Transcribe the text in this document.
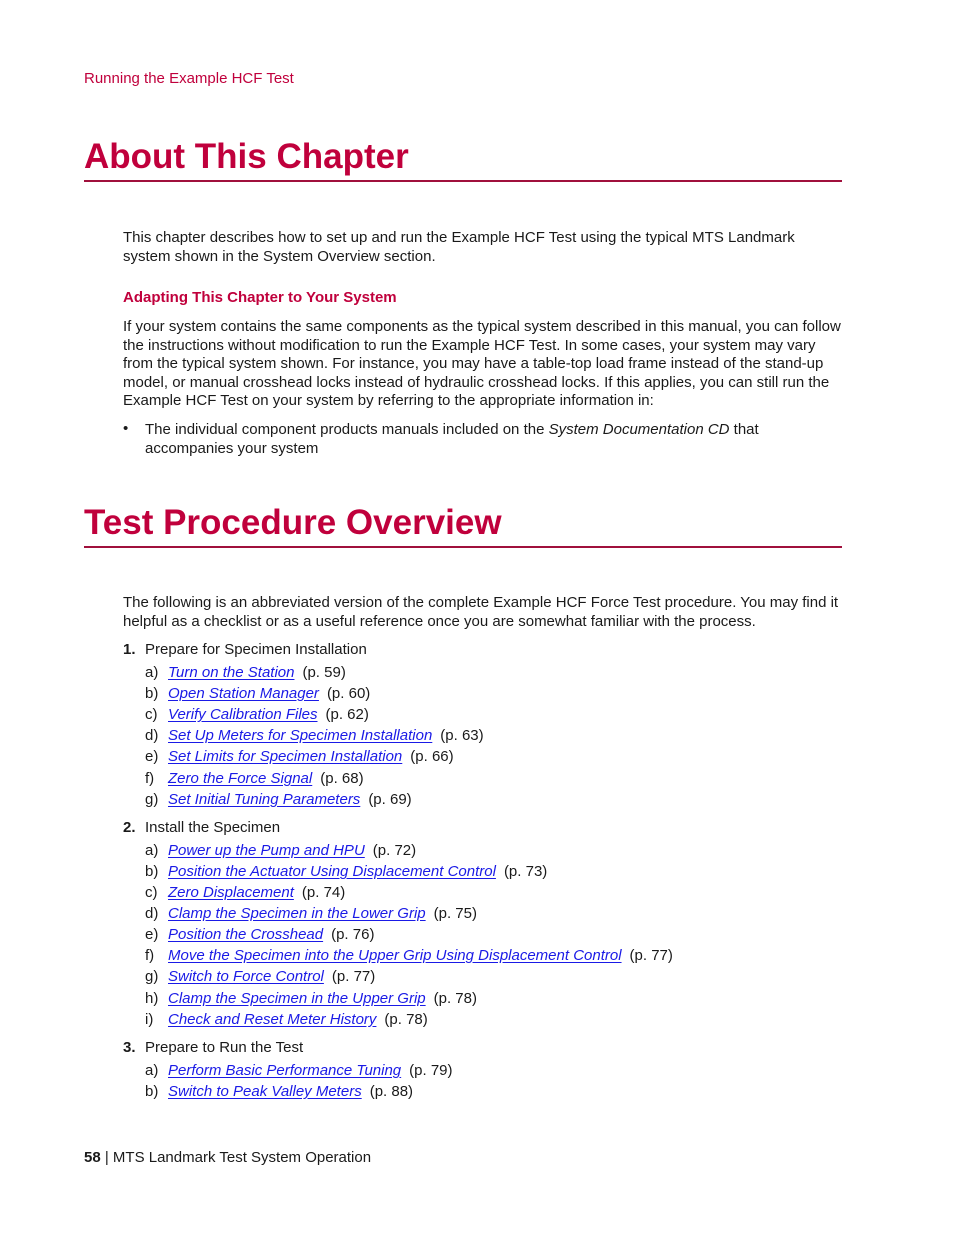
Running the Example HCF Test
About This Chapter
This chapter describes how to set up and run the Example HCF Test using the typical MTS Landmark system shown in the System Overview section.
Adapting This Chapter to Your System
If your system contains the same components as the typical system described in this manual, you can follow the instructions without modification to run the Example HCF Test. In some cases, your system may vary from the typical system shown. For instance, you may have a table-top load frame instead of the stand-up model, or manual crosshead locks instead of hydraulic crosshead locks. If this applies, you can still run the Example HCF Test on your system by referring to the appropriate information in:
• The individual component products manuals included on the System Documentation CD that accompanies your system
Test Procedure Overview
The following is an abbreviated version of the complete Example HCF Force Test procedure. You may find it helpful as a checklist or as a useful reference once you are somewhat familiar with the process.
1. Prepare for Specimen Installation
a) Turn on the Station (p. 59)
b) Open Station Manager (p. 60)
c) Verify Calibration Files (p. 62)
d) Set Up Meters for Specimen Installation (p. 63)
e) Set Limits for Specimen Installation (p. 66)
f) Zero the Force Signal (p. 68)
g) Set Initial Tuning Parameters (p. 69)
2. Install the Specimen
a) Power up the Pump and HPU (p. 72)
b) Position the Actuator Using Displacement Control (p. 73)
c) Zero Displacement (p. 74)
d) Clamp the Specimen in the Lower Grip (p. 75)
e) Position the Crosshead (p. 76)
f) Move the Specimen into the Upper Grip Using Displacement Control (p. 77)
g) Switch to Force Control (p. 77)
h) Clamp the Specimen in the Upper Grip (p. 78)
i) Check and Reset Meter History (p. 78)
3. Prepare to Run the Test
a) Perform Basic Performance Tuning (p. 79)
b) Switch to Peak Valley Meters (p. 88)
58 | MTS Landmark Test System Operation
